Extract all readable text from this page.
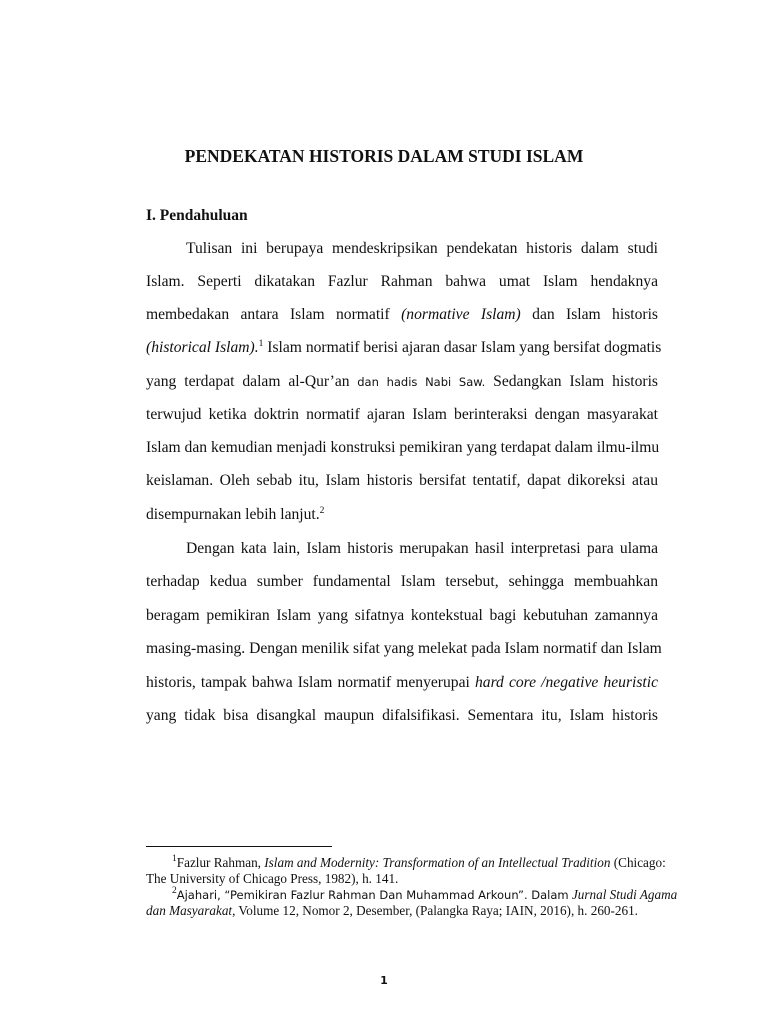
PENDEKATAN HISTORIS DALAM STUDI ISLAM
I. Pendahuluan
Tulisan ini berupaya mendeskripsikan pendekatan historis dalam studi
Islam. Seperti dikatakan Fazlur Rahman bahwa umat Islam hendaknya
membedakan antara Islam normatif (normative Islam) dan Islam historis
(historical Islam).$^1$ Islam normatif berisi ajaran dasar Islam yang bersifat dogmatis
yang terdapat dalam al-Qur’an dan hadis Nabi Saw. Sedangkan Islam historis
terwujud ketika doktrin normatif ajaran Islam berinteraksi dengan masyarakat
Islam dan kemudian menjadi konstruksi pemikiran yang terdapat dalam ilmu-ilmu
keislaman. Oleh sebab itu, Islam historis bersifat tentatif, dapat dikoreksi atau
disempurnakan lebih lanjut.$^2$
Dengan kata lain, Islam historis merupakan hasil interpretasi para ulama
terhadap kedua sumber fundamental Islam tersebut, sehingga membuahkan
beragam pemikiran Islam yang sifatnya kontekstual bagi kebutuhan zamannya
masing-masing. Dengan menilik sifat yang melekat pada Islam normatif dan Islam
historis, tampak bahwa Islam normatif menyerupai hard core /negative heuristic
yang tidak bisa disangkal maupun difalsifikasi. Sementara itu, Islam historis
$^1$Fazlur Rahman, Islam and Modernity: Transformation of an Intellectual Tradition (Chicago:
The University of Chicago Press, 1982), h. 141.
$^2$Ajahari, “Pemikiran Fazlur Rahman Dan Muhammad Arkoun”. Dalam Jurnal Studi Agama
dan Masyarakat, Volume 12, Nomor 2, Desember, (Palangka Raya; IAIN, 2016), h. 260-261.
1
